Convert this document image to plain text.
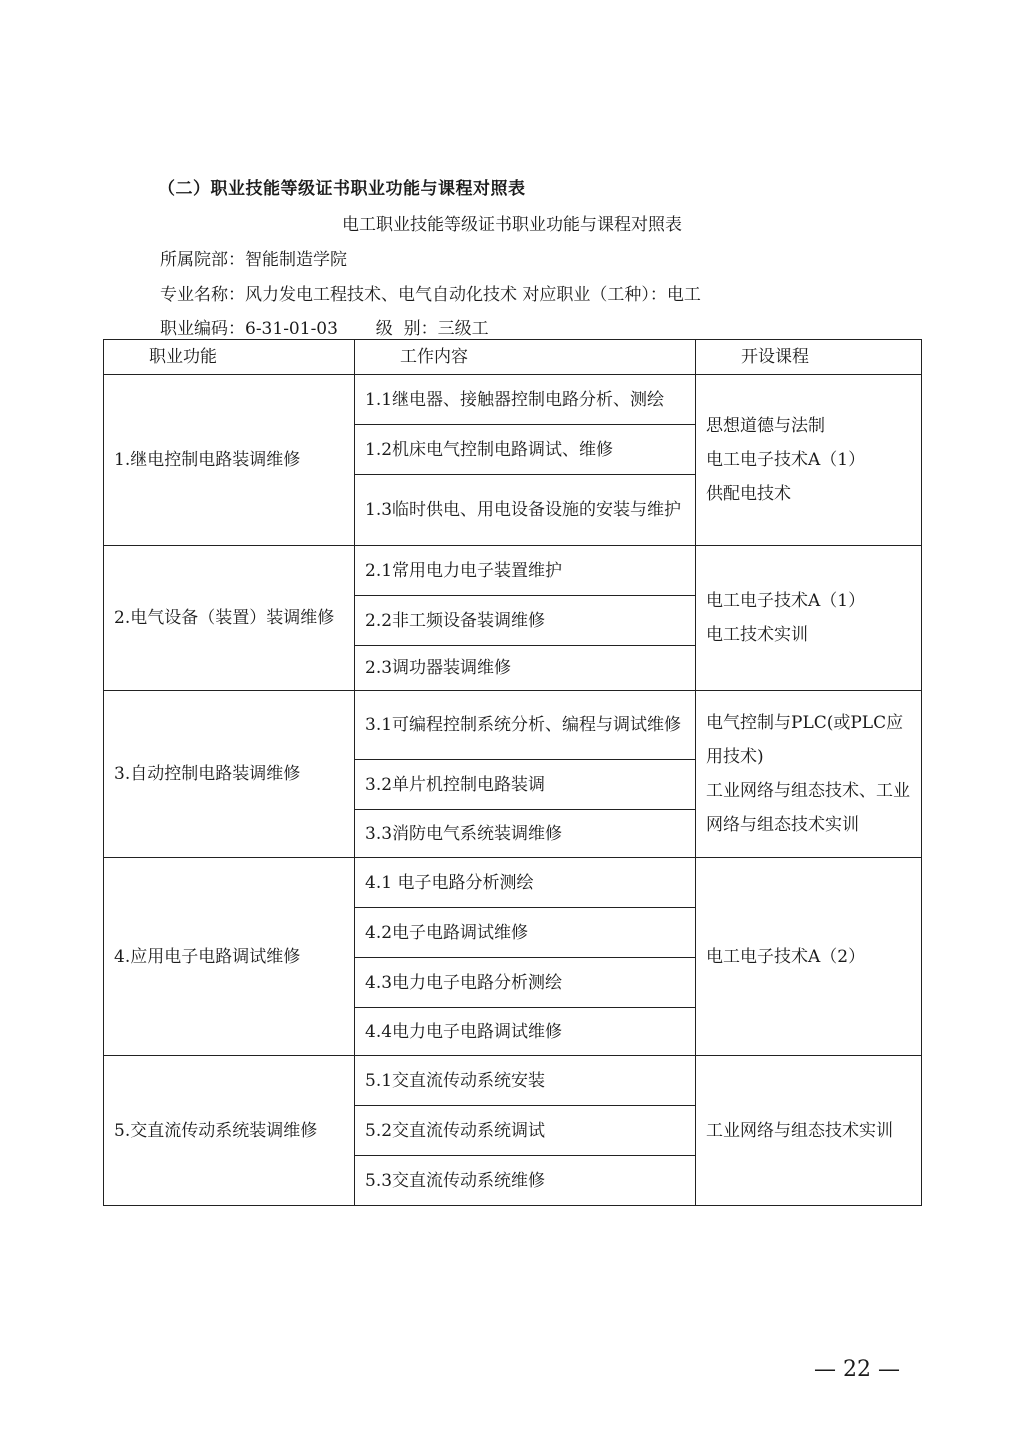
（二）职业技能等级证书职业功能与课程对照表
电工职业技能等级证书职业功能与课程对照表
所属院部：智能制造学院
专业名称：风力发电工程技术、电气自动化技术 对应职业（工种）：电工
职业编码：6-31-01-03       级  别：三级工
职业功能	工作内容	开设课程
1.继电控制电路装调维修	1.1继电器、接触器控制电路分析、测绘	思想道德与法制
电工电子技术A（1）
供配电技术
	1.2机床电气控制电路调试、维修	
	1.3临时供电、用电设备设施的安装与维护	
2.电气设备（装置）装调维修	2.1常用电力电子装置维护	电工电子技术A（1）
电工技术实训
	2.2非工频设备装调维修	
	2.3调功器装调维修	
3.自动控制电路装调维修	3.1可编程控制系统分析、编程与调试维修	电气控制与PLC(或PLC应用技术)
工业网络与组态技术、工业网络与组态技术实训
	3.2单片机控制电路装调	
	3.3消防电气系统装调维修	
4.应用电子电路调试维修	4.1 电子电路分析测绘	电工电子技术A（2）
	4.2电子电路调试维修	
	4.3电力电子电路分析测绘	
	4.4电力电子电路调试维修	
5.交直流传动系统装调维修	5.1交直流传动系统安装	工业网络与组态技术实训
	5.2交直流传动系统调试	
	5.3交直流传动系统维修	
— 22 —
